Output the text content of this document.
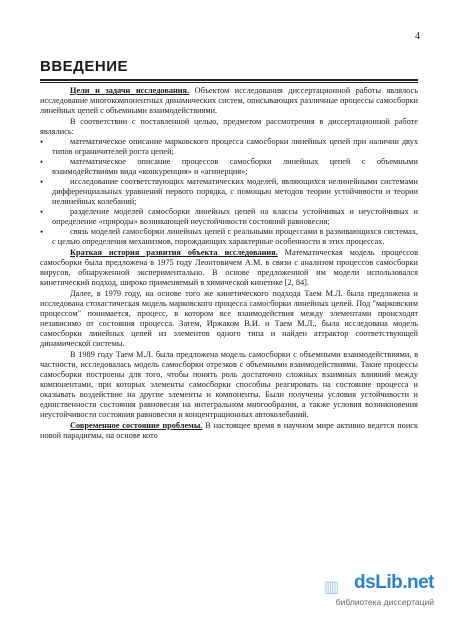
4
ВВЕДЕНИЕ

Цели и задачи исследования. Объектом исследования диссертационной работы являлось исследование многокомпонентных динамических систем, описывающих различные процессы самосборки линейных цепей с объемными взаимодействиями.

В соответствии с поставленной целью, предметом рассмотрения в диссертационной работе являлись:

•	математическое описание марковского процесса самосборки линейных цепей при наличии двух типов ограничителей роста цепей;
•	математическое описание процессов самосборки линейных цепей с объемными взаимодействиями вида «конкуренция» и «агинерция»;
•	исследование соответствующих математических моделей, являющихся нелинейными системами дифференциальных уравнений первого порядка, с помощью методов теории устойчивости и теории нелинейных колебаний;
•	разделение моделей самосборки линейных цепей на классы устойчивых и неустойчивых и определение «природы» возникающей неустойчивости состояний равновесия;
•	связь моделей самосборки линейных цепей с реальными процессами в развивающихся системах, с целью определения механизмов, порождающих характерные особенности в этих процессах.

Краткая история развития объекта исследования. Математическая модель процессов самосборки была предложена в 1975 году Леонтовичем А.М. в связи с анализом процессов самосборки вирусов, обнаруженной экспериментально. В основе предложенной им модели использовался кинетический подход, широко применяемый в химической кинетике [2, 84].

Далее, в 1979 году, на основе того же кинетического подхода Таем М.Л. была предложена и исследована стохастическая модель марковского процесса самосборки линейных цепей. Под "марковским процессом" понимается, процесс, в котором все взаимодействия между элементами происходят независимо от состояния процесса. Затем, Иржаком В.И. и Таем М.Л., была исследована модель самосборки линейных цепей из элементов одного типа и найден аттрактор соответствующей динамической системы.

В 1989 году Таем М.Л. была предложена модель самосборки с объемными взаимодействиями, в частности, исследовалась модель самосборки отрезков с объемными взаимодействиями. Такие процессы самосборки построены для того, чтобы понять роль достаточно сложных взаимных влияний между компонентами, при которых элементы самосборки способны реагировать на состояние процесса и оказывать воздействие на другие элементы и компоненты. Были получены условия устойчивости и единственности состояния равновесия на интегральном многообразии, а также условия возникновения неустойчивости состояния равновесия и концентрационных автоколебаний.

Современное состояние проблемы. В настоящее время в научном мире активно ведется поиск новой парадигмы, на основе кото

▥ dsLib.net
библиотека диссертаций
